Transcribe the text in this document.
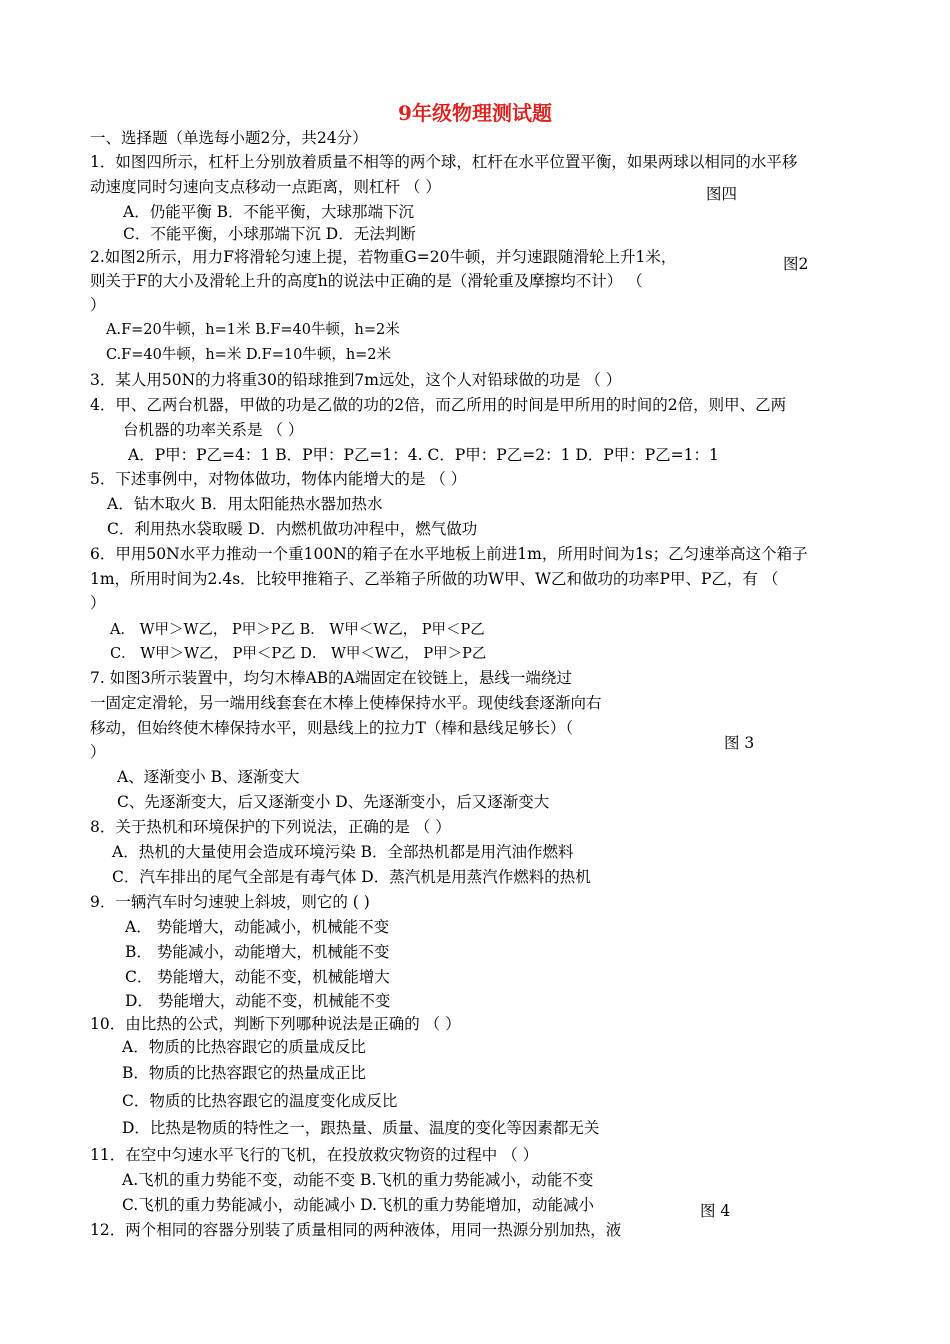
9年级物理测试题
图四
图2
图 3
图 4
一、选择题（单选每小题2分，共24分）
1．如图四所示，杠杆上分别放着质量不相等的两个球，杠杆在水平位置平衡，如果两球以相同的水平移
动速度同时匀速向支点移动一点距离，则杠杆 （ ）
A．仍能平衡 B．不能平衡，大球那端下沉
C．不能平衡，小球那端下沉 D．无法判断
2.如图2所示，用力F将滑轮匀速上提，若物重G=20牛顿，并匀速跟随滑轮上升1米，
则关于F的大小及滑轮上升的高度h的说法中正确的是（滑轮重及摩擦均不计） （
）
A.F=20牛顿，h=1米 B.F=40牛顿，h=2米
C.F=40牛顿，h=米 D.F=10牛顿，h=2米
3．某人用50N的力将重30的铅球推到7m远处，这个人对铅球做的功是 （ ）
4．甲、乙两台机器，甲做的功是乙做的功的2倍，而乙所用的时间是甲所用的时间的2倍，则甲、乙两
台机器的功率关系是 （ ）
A．P甲：P乙=4：1 B．P甲：P乙=1：4. C．P甲：P乙=2：1 D．P甲：P乙=1：1
5．下述事例中，对物体做功，物体内能增大的是 （ ）
A．钻木取火 B．用太阳能热水器加热水
C．利用热水袋取暖 D．内燃机做功冲程中，燃气做功
6．甲用50N水平力推动一个重100N的箱子在水平地板上前进1m，所用时间为1s；乙匀速举高这个箱子
1m，所用时间为2.4s．比较甲推箱子、乙举箱子所做的功W甲、W乙和做功的功率P甲、P乙，有 （
）
A． W甲＞W乙， P甲＞P乙 B． W甲＜W乙， P甲＜P乙
C． W甲＞W乙， P甲＜P乙 D． W甲＜W乙， P甲＞P乙
7. 如图3所示装置中，均匀木棒AB的A端固定在铰链上，悬线一端绕过
一固定定滑轮，另一端用线套套在木棒上使棒保持水平。现使线套逐渐向右
移动，但始终使木棒保持水平，则悬线上的拉力T（棒和悬线足够长）（
）
A、逐渐变小 B、逐渐变大
C、先逐渐变大，后又逐渐变小 D、先逐渐变小，后又逐渐变大
8．关于热机和环境保护的下列说法，正确的是 （ ）
A．热机的大量使用会造成环境污染 B．全部热机都是用汽油作燃料
C．汽车排出的尾气全部是有毒气体 D．蒸汽机是用蒸汽作燃料的热机
9．一辆汽车时匀速驶上斜坡，则它的 ( )
A． 势能增大，动能减小，机械能不变
B． 势能减小，动能增大，机械能不变
C． 势能增大，动能不变，机械能增大
D． 势能增大，动能不变，机械能不变
10．由比热的公式，判断下列哪种说法是正确的 （ ）
A．物质的比热容跟它的质量成反比
B．物质的比热容跟它的热量成正比
C．物质的比热容跟它的温度变化成反比
D．比热是物质的特性之一，跟热量、质量、温度的变化等因素都无关
11．在空中匀速水平飞行的飞机，在投放救灾物资的过程中 （ ）
A.飞机的重力势能不变，动能不变 B.飞机的重力势能减小，动能不变
C.飞机的重力势能减小，动能减小 D.飞机的重力势能增加，动能减小
12．两个相同的容器分别装了质量相同的两种液体，用同一热源分别加热，液
